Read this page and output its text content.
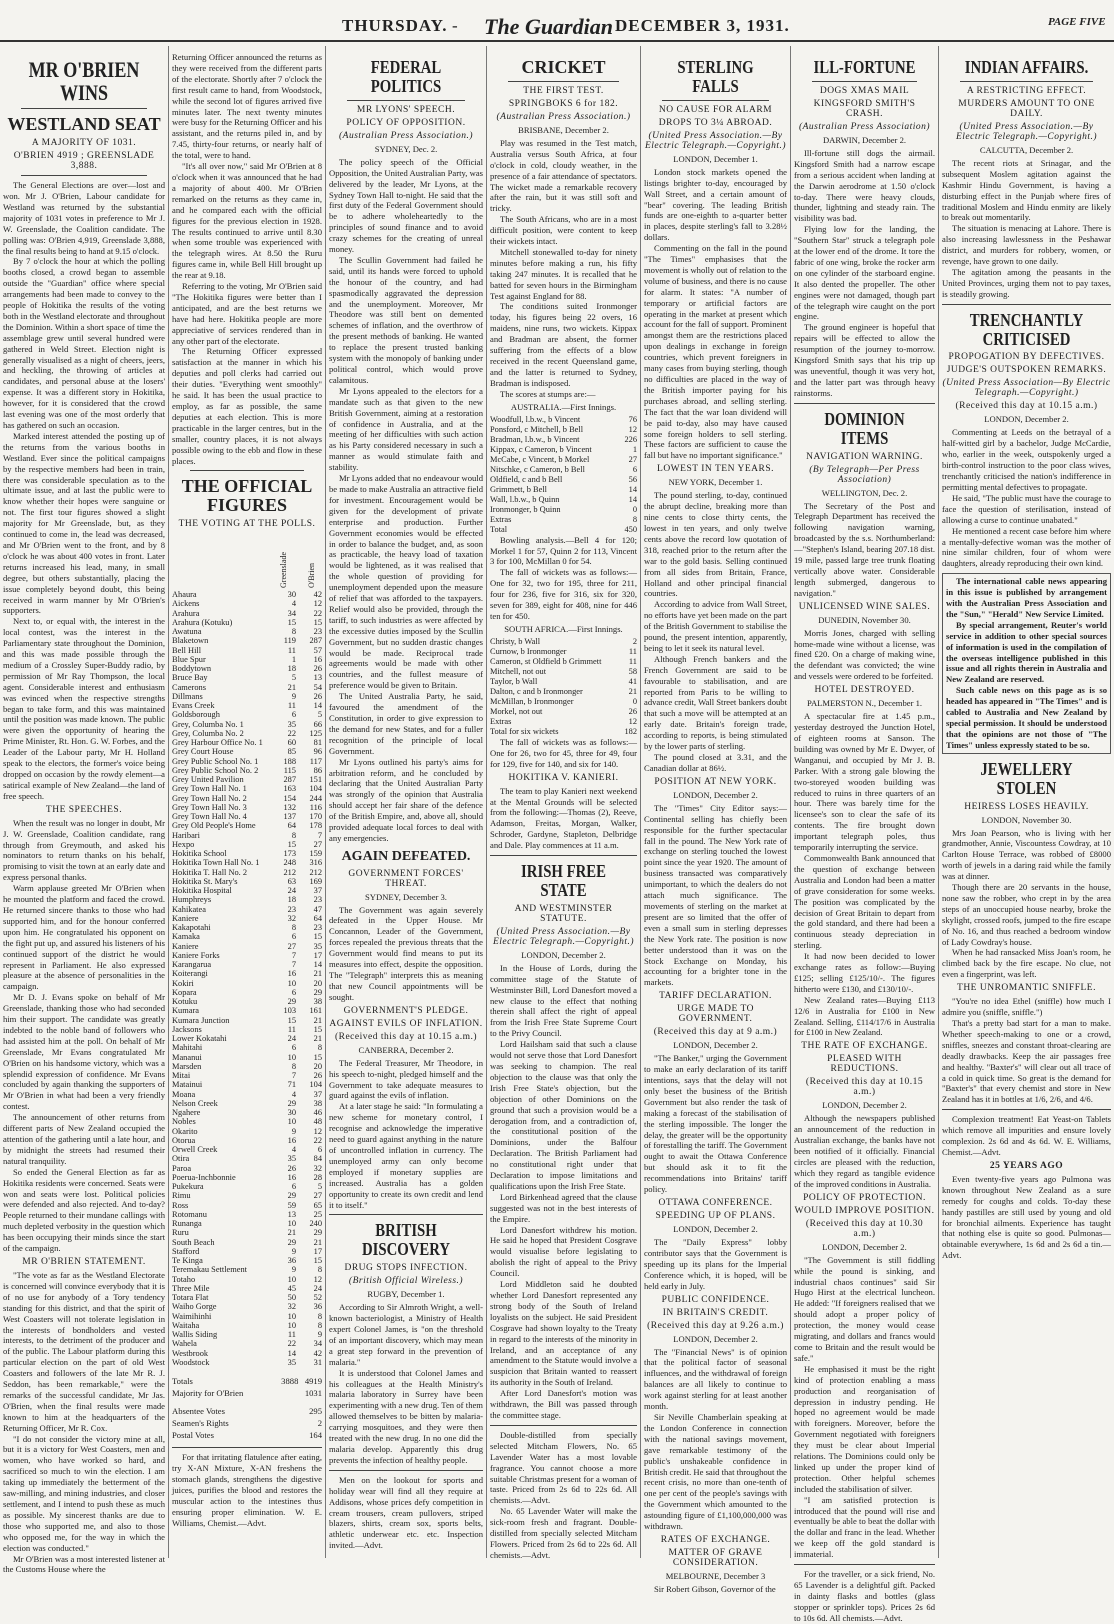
THURSDAY. - The Guardian DECEMBER 3, 1931.	PAGE FIVE
MR O'BRIEN WINS
WESTLAND SEAT
A MAJORITY OF 1031.
O'BRIEN 4919 ; GREENSLADE 3,888.

The General Elections are over—lost and won. Mr J. O'Brien, Labour candidate for Westland was returned by the substantial majority of 1031 votes in preference to Mr J. W. Greenslade, the Coalition candidate. The polling was: O'Brien 4,919, Greenslade 3,888, the final results being to hand at 9.15 o'clock.

By 7 o'clock the hour at which the polling booths closed, a crowd began to assemble outside the "Guardian" office where special arrangements had been made to convey to the people of Hokitika the results of the voting both in the Westland electorate and throughout the Dominion. Within a short space of time the assemblage grew until several hundred were gathered in Weld Street. Election night is generally visualised as a night of cheers, jeers, and heckling, the throwing of articles at candidates, and personal abuse at the losers' expense. It was a different story in Hokitika, however, for it is considered that the crowd last evening was one of the most orderly that has gathered on such an occasion.

Marked interest attended the posting up of the returns from the various booths in Westland. Ever since the political campaigns by the respective members had been in train, there was considerable speculation as to the ultimate issue, and at last the public were to know whether their hopes were sanguine or not. The first tour figures showed a slight majority for Mr Greenslade, but, as they continued to come in, the lead was decreased, and Mr O'Brien went to the front, and by 8 o'clock he was about 400 votes in front. Later returns increased his lead, many, in small degree, but others substantially, placing the issue completely beyond doubt, this being received in warm manner by Mr O'Brien's supporters.

Next to, or equal with, the interest in the local contest, was the interest in the Parliamentary state throughout the Dominion, and this was made possible through the medium of a Crossley Super-Buddy radio, by permission of Mr Ray Thompson, the local agent. Considerable interest and enthusiasm was evinced when the respective strengths began to take form, and this was maintained until the position was made known. The public were given the opportunity of hearing the Prime Minister, Rt. Hon. G. W. Forbes, and the Leader of the Labour party, Mr H. Holland speak to the electors, the former's voice being dropped on occasion by the rowdy element—a satirical example of New Zealand—the land of free speech.

THE SPEECHES.

When the result was no longer in doubt, Mr J. W. Greenslade, Coalition candidate, rang through from Greymouth, and asked his nominators to return thanks on his behalf, promising to visit the town at an early date and express personal thanks.

Warm applause greeted Mr O'Brien when he mounted the platform and faced the crowd. He returned sincere thanks to those who had supported him, and for the honour conferred upon him. He congratulated his opponent on the fight put up, and assured his listeners of his continued support of the district he would represent in Parliament. He also expressed pleasure at the absence of personalities in the campaign.

Mr D. J. Evans spoke on behalf of Mr Greenslade, thanking those who had seconded him their support. The candidate was greatly indebted to the noble band of followers who had assisted him at the poll. On behalf of Mr Greenslade, Mr Evans congratulated Mr O'Brien on his handsome victory, which was a splendid expression of confidence. Mr Evans concluded by again thanking the supporters of Mr O'Brien in what had been a very friendly contest.

The announcement of other returns from different parts of New Zealand occupied the attention of the gathering until a late hour, and by midnight the streets had resumed their natural tranquility.

So ended the General Election as far as Hokitika residents were concerned. Seats were won and seats were lost. Political policies were defended and also rejected. And to-day? People returned to their mundane callings with much depleted verbosity in the question which has been occupying their minds since the start of the campaign.

MR O'BRIEN STATEMENT.

"The vote as far as the Westland Electorate is concerned will convince everybody that it is of no use for anybody of a Tory tendency standing for this district, and that the spirit of West Coasters will not tolerate legislation in the interests of bondholders and vested interests, to the detriment of the producer and of the public. The Labour platform during this particular election on the part of old West Coasters and followers of the late Mr R. J. Seddon, has been remarkable," were the remarks of the successful candidate, Mr Jas. O'Brien, when the final results were made known to him at the headquarters of the Returning Officer, Mr R. Cox.

"I do not consider the victory mine at all, but it is a victory for West Coasters, men and women, who have worked so hard, and sacrificed so much to win the election. I am taking up immediately the betterment of the saw-milling, and mining industries, and closer settlement, and I intend to push these as much as possible. My sincerest thanks are due to those who supported me, and also to those who opposed me, for the way in which the election was conducted."

Mr O'Brien was a most interested listener at the Customs House where the

Returning Officer announced the returns as they were received from the different parts of the electorate. Shortly after 7 o'clock the first result came to hand, from Woodstock, while the second lot of figures arrived five minutes later. The next twenty minutes were busy for the Returning Officer and his assistant, and the returns piled in, and by 7.45, thirty-four returns, or nearly half of the total, were to hand.

"It's all over now," said Mr O'Brien at 8 o'clock when it was announced that he had a majority of about 400. Mr O'Brien remarked on the returns as they came in, and he compared each with the official figures for the previous election in 1928. The results continued to arrive until 8.30 when some trouble was experienced with the telegraph wires. At 8.50 the Ruru figures came in, while Bell Hill brought up the rear at 9.18.

Referring to the voting, Mr O'Brien said "The Hokitika figures were better than I anticipated, and are the best returns we have had here. Hokitika people are more appreciative of services rendered than in any other part of the electorate.

The Returning Officer expressed satisfaction at the manner in which his deputies and poll clerks had carried out their duties. "Everything went smoothly" he said. It has been the usual practice to employ, as far as possible, the same deputies at each election. This is more practicable in the larger centres, but in the smaller, country places, it is not always possible owing to the ebb and flow in these places.

THE OFFICIAL FIGURES
THE VOTING AT THE POLLS.
Greenslade O'Brien
Ahaura	30	42
Aickens	4	12
Arahura	34	22
Arahura (Kotuku)	15	15
Awatuna	8	23
Blaketown	119	287
Bell Hill	11	57
Blue Spur	1	16
Boddytown	18	26
Bruce Bay	5	13
Camerons	21	54
Dillmans	9	26
Evans Creek	11	14
Goldsborough	6	5
Grey, Columba No. 1	35	66
Grey, Columba No. 2	22	125
Grey Harbour Office No. 1	60	81
Grey Court House	85	96
Grey Public School No. 1	188	117
Grey Public School No. 2	115	86
Grey United Pavilion	287	151
Grey Town Hall No. 1	163	104
Grey Town Hall No. 2	154	244
Grey Town Hall No. 3	132	116
Grey Town Hall No. 4	137	170
Grey Old People's Home	64	178
Haribari	8	7
Hexpo	15	27
Hokitika School	173	159
Hokitika Town Hall No. 1	248	316
Hokitika T. Hall No. 2	212	212
Hokitika St. Mary's	63	169
Hokitika Hospital	24	37
Humphreys	18	23
Kahikatea	23	47
Kaniere	32	64
Kakapotahi	8	23
Kamaka	6	15
Kaniere	27	35
Kaniere Forks	7	17
Karangarua	7	14
Koiterangi	16	21
Kokiri	10	20
Kopara	6	29
Kotuku	29	38
Kumara	103	161
Kumara Junction	15	21
Jacksons	11	15
Lower Kokatahi	24	21
Mahitahi	6	8
Mananui	10	15
Marsden	8	20
Mitai	7	26
Matainui	71	104
Moana	4	37
Nelson Creek	29	38
Ngahere	30	46
Nobles	10	48
Okarito	9	12
Otorua	16	22
Orwell Creek	4	6
Otira	35	84
Paroa	26	32
Poerua-Inchbonnie	16	28
Pukekura	6	5
Rimu	29	27
Ross	59	65
Rotomanu	13	25
Runanga	10	240
Ruru	21	29
South Beach	29	21
Stafford	9	17
Te Kinga	36	15
Teremakau Settlement	9	8
Totaho	10	12
Three Mile	45	24
Totara Flat	50	52
Waiho Gorge	32	36
Waimihinhi	10	8
Waitaha	10	8
Wallis Siding	11	9
Wahela	22	34
Westbrook	14	42
Woodstock	35	31
Totals	3888 4919
Majority for O'Brien	1031
Absentee Votes	295
Seamen's Rights	2
Postal Votes	164

For that irritating flatulence after eating, try X-AN Mixture, X-AN freshens the stomach glands, strengthens the digestive juices, purifies the blood and restores the muscular action to the intestines thus ensuring proper elimination. W. E. Williams, Chemist.—Advt.

FEDERAL POLITICS
MR LYONS' SPEECH.
POLICY OF OPPOSITION.
(Australian Press Association.)
SYDNEY, Dec. 2.

The policy speech of the Official Opposition, the United Australian Party, was delivered by the leader, Mr Lyons, at the Sydney Town Hall to-night. He said that the first duty of the Federal Government should be to adhere wholeheartedly to the principles of sound finance and to avoid crazy schemes for the creating of unreal money.

The Scullin Government had failed he said, until its hands were forced to uphold the honour of the country, and had spasmodically aggravated the depression and the unemployment. Moreover, Mr Theodore was still bent on demented schemes of inflation, and the overthrow of the present methods of banking. He wanted to replace the present trusted banking system with the monopoly of banking under political control, which would prove calamitous.

Mr Lyons appealed to the electors for a mandate such as that given to the new British Government, aiming at a restoration of confidence in Australia, and at the meeting of her difficulties with such action as his Party considered necessary in such a manner as would stimulate faith and stability.

Mr Lyons added that no endeavour would be made to make Australia an attractive field for investment. Encouragement would be given for the development of private enterprise and production. Further Government economies would be effected in order to balance the budget, and, as soon as practicable, the heavy load of taxation would be lightened, as it was realised that the whole question of providing for unemployment depended upon the measure of relief that was afforded to the taxpayers. Relief would also be provided, through the tariff, to such industries as were affected by the excessive duties imposed by the Scullin Government, but no sudden drastic changes would be made. Reciprocal trade agreements would be made with other countries, and the fullest measure of preference would be given to Britain.

The United Australia Party, he said, favoured the amendment of the Constitution, in order to give expression to the demand for new States, and for a fuller recognition of the principle of local Government.

Mr Lyons outlined his party's aims for arbitration reform, and he concluded by declaring that the United Australian Party was strongly of the opinion that Australia should accept her fair share of the defence of the British Empire, and, above all, should provided adequate local forces to deal with any emergencies.

AGAIN DEFEATED.
GOVERNMENT FORCES' THREAT.
SYDNEY, December 3.

The Government was again severely defeated in the Upper House. Mr Concannon, Leader of the Government, forces repealed the previous threats that the Government would find means to put its measures into effect, despite the opposition. The "Telegraph" interprets this as meaning that new Council appointments will be sought.

GOVERNMENT'S PLEDGE.
AGAINST EVILS OF INFLATION.
(Received this day at 10.15 a.m.)
CANBERRA, December 2.

The Federal Treasurer, Mr Theodore, in his speech to-night, pledged himself and the Government to take adequate measures to guard against the evils of inflation.

At a later stage he said: "In formulating a new scheme for monetary control, I recognise and acknowledge the imperative need to guard against anything in the nature of uncontrolled inflation in currency. The unemployed army can only become employed if monetary supplies are increased. Australia has a golden opportunity to create its own credit and lend it to itself."

BRITISH DISCOVERY
DRUG STOPS INFECTION.
(British Official Wireless.)
RUGBY, December 1.

According to Sir Almroth Wright, a well-known bacteriologist, a Ministry of Health expert Colonel James, is "on the threshold of an important discovery, which may mean a great step forward in the prevention of malaria."

It is understood that Colonel James and his colleagues at the Health Ministry's malaria laboratory in Surrey have been experimenting with a new drug. Ten of them allowed themselves to be bitten by malaria-carrying mosquitoes, and they were then treated with the new drug. In no one did the malaria develop. Apparently this drug prevents the infection of healthy people.

Men on the lookout for sports and holiday wear will find all they require at Addisons, whose prices defy competition in cream trousers, cream pullovers, striped blazers, shirts, cream sox, sports belts, athletic underwear etc. etc. Inspection invited.—Advt.

CRICKET
THE FIRST TEST.
SPRINGBOKS 6 for 182.
(Australian Press Association.)
BRISBANE, December 2.

Play was resumed in the Test match, Australia versus South Africa, at four o'clock in cold, cloudy weather, in the presence of a fair attendance of spectators. The wicket made a remarkable recovery after the rain, but it was still soft and tricky.

The South Africans, who are in a most difficult position, were content to keep their wickets intact.

Mitchell stonewalled to-day for ninety minutes before making a run, his fifty taking 247 minutes. It is recalled that he batted for seven hours in the Birmingham Test against England for 88.

The conditions suited Ironmonger today, his figures being 22 overs, 16 maidens, nine runs, two wickets. Kippax and Bradman are absent, the former suffering from the effects of a blow received in the recent Queensland game, and the latter is returned to Sydney, Bradman is indisposed.

The scores at stumps are:—

AUSTRALIA.—First Innings.
Woodfull, l.b.w., b Vincent	76
Ponsford, c Mitchell, b Bell	12
Bradman, l.b.w., b Vincent	226
Kippax, c Cameron, b Vincent	1
McCabe, c Vincent, b Morkel	27
Nitschke, c Cameron, b Bell	6
Oldfield, c and b Bell	56
Grimmett, b Bell	14
Wall, l.b.w., b Quinn	14
Ironmonger, b Quinn	0
Extras	8
Total	450

Bowling analysis.—Bell 4 for 120; Morkel 1 for 57, Quinn 2 for 113, Vincent 3 for 100, McMillan 0 for 54.

The fall of wickets was as follows:—One for 32, two for 195, three for 211, four for 236, five for 316, six for 320, seven for 389, eight for 408, nine for 446 ten for 450.

SOUTH AFRICA.—First Innings.
Christy, b Wall	2
Curnow, b Ironmonger	11
Cameron, st Oldfield b Grimmett	11
Mitchell, not out	58
Taylor, b Wall	41
Dalton, c and b Ironmonger	21
McMillan, b Ironmonger	0
Morkel, not out	26
Extras	12
Total for six wickets	182

The fall of wickets was as follows:—One for 26, two for 45, three for 49, four for 129, five for 140, and six for 140.

HOKITIKA V. KANIERI.

The team to play Kanieri next weekend at the Mental Grounds will be selected from the following:—Thomas (2), Reeve, Adamson, Freitas, Morgan, Walker, Schroder, Gardyne, Stapleton, Delbridge and Dale. Play commences at 11 a.m.

IRISH FREE STATE
AND WESTMINSTER STATUTE.
(United Press Association.—By Electric Telegraph.—Copyright.)
LONDON, December 2.

In the House of Lords, during the committee stage of the Statute of Westminster Bill, Lord Danesfort moved a new clause to the effect that nothing therein shall affect the right of appeal from the Irish Free State Supreme Court to the Privy Council.

Lord Hailsham said that such a clause would not serve those that Lord Danesfort was seeking to champion. The real objection to the clause was that only the Irish Free State's objection, but the objection of other Dominions on the ground that such a provision would be a derogation from, and a contradiction of, the constitutional position of the Dominions, under the Balfour Declaration. The British Parliament had no constitutional right under that Declaration to impose limitations and qualifications upon the Irish Free State.

Lord Birkenhead agreed that the clause suggested was not in the best interests of the Empire.

Lord Danesfort withdrew his motion. He said he hoped that President Cosgrave would visualise before legislating to abolish the right of appeal to the Privy Council.

Lord Middleton said he doubted whether Lord Danesfort represented any strong body of the South of Ireland loyalists on the subject. He said President Cosgrave had shown loyalty to the Treaty in regard to the interests of the minority in Ireland, and an acceptance of any amendment to the Statute would involve a suspicion that Britain wanted to reassert its authority in the South of Ireland.

After Lord Danesfort's motion was withdrawn, the Bill was passed through the committee stage.

Double-distilled from specially selected Mitcham Flowers, No. 65 Lavender Water has a most lovable fragrance. You cannot choose a more suitable Christmas present for a woman of taste. Priced from 2s 6d to 22s 6d. All chemists.—Advt.

No. 65 Lavender Water will make the sick-room fresh and fragrant. Double-distilled from specially selected Mitcham Flowers. Priced from 2s 6d to 22s 6d. All chemists.—Advt.

STERLING FALLS
NO CAUSE FOR ALARM
DROPS TO 3¼ ABROAD.
(United Press Association.—By Electric Telegraph.—Copyright.)
LONDON, December 1.

London stock markets opened the listings brighter to-day, encouraged by Wall Street, and a certain amount of "bear" covering. The leading British funds are one-eighth to a-quarter better in places, despite sterling's fall to 3.28½ dollars.

Commenting on the fall in the pound "The Times" emphasises that the movement is wholly out of relation to the volume of business, and there is no cause for alarm. It states: "A number of temporary or artificial factors are operating in the market at present which account for the fall of support. Prominent amongst them are the restrictions placed upon dealings in exchange in foreign countries, which prevent foreigners in many cases from buying sterling, though no difficulties are placed in the way of the British importer paying for his purchases abroad, and selling sterling. The fact that the war loan dividend will be paid to-day, also may have caused some foreign holders to sell sterling. These factors are sufficient to cause the fall but have no important significance."

LOWEST IN TEN YEARS.
NEW YORK, December 1.

The pound sterling, to-day, continued the abrupt decline, breaking more than nine cents to close thirty cents, the lowest in ten years, and only twelve cents above the record low quotation of 318, reached prior to the return after the war to the gold basis. Selling continued from all sides from Britain, France, Holland and other principal financial countries.

According to advice from Wall Street, no efforts have yet been made on the part of the British Government to stabilise the pound, the present intention, apparently, being to let it seek its natural level.

Although French bankers and the French Government are said to be favourable to stabilisation, and are reported from Paris to be willing to advance credit, Wall Street bankers doubt that such a move will be attempted at an early date. Britain's foreign trade, according to reports, is being stimulated by the lower parts of sterling.

The pound closed at 3.31, and the Canadian dollar at 86½.

POSITION AT NEW YORK.
LONDON, December 2.

The "Times" City Editor says:—Continental selling has chiefly been responsible for the further spectacular fall in the pound. The New York rate of exchange on sterling touched the lowest point since the year 1920. The amount of business transacted was comparatively unimportant, to which the dealers do not attach much significance. The movements of sterling on the market at present are so limited that the offer of even a small sum in sterling depresses the New York rate. The position is now better understood than it was on the Stock Exchange on Monday, his accounting for a brighter tone in the markets.

TARIFF DECLARATION.
URGE MADE TO GOVERNMENT.
(Received this day at 9 a.m.)
LONDON, December 2.

"The Banker," urging the Government to make an early declaration of its tariff intentions, says that the delay will not only beset the business of the British Government but also render the task of making a forecast of the stabilisation of the sterling impossible. The longer the delay, the greater will be the opportunity of forestalling the tariff. The Government ought to await the Ottawa Conference but should ask it to fit the recommendations into Britains' tariff policy.

OTTAWA CONFERENCE.
SPEEDING UP OF PLANS.
LONDON, December 2.

The "Daily Express" lobby contributor says that the Government is speeding up its plans for the Imperial Conference which, it is hoped, will be held early in July.

PUBLIC CONFIDENCE.
IN BRITAIN'S CREDIT.
(Received this day at 9.26 a.m.)
LONDON, December 2.

The "Financial News" is of opinion that the political factor of seasonal influences, and the withdrawal of foreign balances are all likely to continue to work against sterling for at least another month.

Sir Neville Chamberlain speaking at the London Conference in connection with the national savings movement, gave remarkable testimony of the public's unshakeable confidence in British credit. He said that throughout the recent crisis, no more than one-tenth of one per cent of the people's savings with the Government which amounted to the astounding figure of £1,100,000,000 was withdrawn.

RATES OF EXCHANGE.
MATTER OF GRAVE CONSIDERATION.
MELBOURNE, December 3

Sir Robert Gibson, Governor of the

ILL-FORTUNE
DOGS XMAS MAIL
KINGSFORD SMITH'S CRASH.
(Australian Press Association)
DARWIN, December 2.

Ill-fortune still dogs the airmail. Kingsford Smith had a narrow escape from a serious accident when landing at the Darwin aerodrome at 1.50 o'clock to-day. There were heavy clouds, thunder, lightning and steady rain. The visibility was bad.

Flying low for the landing, the "Southern Star" struck a telegraph pole at the lower end of the drome. It tore the fabric of one wing, broke the rocker arm on one cylinder of the starboard engine. It also dented the propeller. The other engines were not damaged, though part of the telegraph wire caught on the port engine.

The ground engineer is hopeful that repairs will be effected to allow the resumption of the journey to-morrow. Kingsford Smith says that his trip up was uneventful, though it was very hot, and the latter part was through heavy rainstorms.

DOMINION ITEMS
NAVIGATION WARNING.
(By Telegraph—Per Press Association)
WELLINGTON, Dec. 2.

The Secretary of the Post and Telegraph Department has received the following navigation warning, broadcasted by the s.s. Northumberland:—"Stephen's Island, bearing 207.18 dist. 19 mile, passed large tree trunk floating vertically above water. Considerable length submerged, dangerous to navigation."

UNLICENSED WINE SALES.
DUNEDIN, November 30.

Morris Jones, charged with selling home-made wine without a license, was fined £20. On a charge of making wine, the defendant was convicted; the wine and vessels were ordered to be forfeited.

HOTEL DESTROYED.
PALMERSTON N., December 1.

A spectacular fire at 1.45 p.m., yesterday destroyed the Junction Hotel, of eighteen rooms at Sanson. The building was owned by Mr E. Dwyer, of Wanganui, and occupied by Mr J. B. Parker. With a strong gale blowing the two-storeyed wooden building was reduced to ruins in three quarters of an hour. There was barely time for the licensee's son to clear the safe of its contents. The fire brought down important telegraph poles, thus temporarily interrupting the service.

Commonwealth Bank announced that the question of exchange between Australia and London had been a matter of grave consideration for some weeks. The position was complicated by the decision of Great Britain to depart from the gold standard, and there had been a continuous steady depreciation in sterling.

It had now been decided to lower exchange rates as follow:—Buying £125; selling £125/10/-. The figures hitherto were £130, and £130/10/-.

New Zealand rates—Buying £113 12/6 in Australia for £100 in New Zealand. Selling, £114/17/6 in Australia for £100 in New Zealand.

THE RATE OF EXCHANGE.
PLEASED WITH REDUCTIONS.
(Received this day at 10.15 a.m.)
LONDON, December 2.

Although the newspapers published an announcement of the reduction in Australian exchange, the banks have not been notified of it officially. Financial circles are pleased with the reduction, which they regard as tangible evidence of the improved conditions in Australia.

POLICY OF PROTECTION.
WOULD IMPROVE POSITION.
(Received this day at 10.30 a.m.)
LONDON, December 2.

"The Government is still fiddling while the pound is sinking, and industrial chaos continues" said Sir Hugo Hirst at the electrical luncheon. He added: "If foreigners realised that we should adopt a proper policy of protection, the money would cease migrating, and dollars and francs would come to Britain and the result would be safe."

He emphasised it must be the right kind of protection enabling a mass production and reorganisation of depression in industry pending. He hoped no agreement would be made with foreigners. Moreover, before the Government negotiated with foreigners they must be clear about Imperial relations. The Dominions could only be linked up under the proper kind of protection. Other helpful schemes included the stabilisation of silver.

"I am satisfied protection is introduced that the pound will rise and eventually be able to beat the dollar with the dollar and franc in the lead. Whether we keep off the gold standard is immaterial.

For the traveller, or a sick friend, No. 65 Lavender is a delightful gift. Packed in dainty flasks and bottles (glass stopper or sprinkler tops). Prices 2s 6d to 10s 6d. All chemists.—Advt.

INDIAN AFFAIRS.
A RESTRICTING EFFECT.
MURDERS AMOUNT TO ONE DAILY.
(United Press Association.—By Electric Telegraph.—Copyright.)
CALCUTTA, December 2.

The recent riots at Srinagar, and the subsequent Moslem agitation against the Kashmir Hindu Government, is having a disturbing effect in the Punjab where fires of traditional Moslem and Hindu enmity are likely to break out momentarily.

The situation is menacing at Lahore. There is also increasing lawlessness in the Peshawar district, and murders for robbery, women, or revenge, have grown to one daily.

The agitation among the peasants in the United Provinces, urging them not to pay taxes, is steadily growing.

TRENCHANTLY CRITICISED
PROPOGATION BY DEFECTIVES.
JUDGE'S OUTSPOKEN REMARKS.
(United Press Association—By Electric Telegraph.—Copyright.)
(Received this day at 10.15 a.m.)
LONDON, December 2.

Commenting at Leeds on the betrayal of a half-witted girl by a bachelor, Judge McCardie, who, earlier in the week, outspokenly urged a birth-control instruction to the poor class wives, trenchantly criticised the nation's indifference in permitting mental defectives to propagate.

He said, "The public must have the courage to face the question of sterilisation, instead of allowing a curse to continue unabated."

He mentioned a recent case before him where a mentally-defective woman was the mother of nine similar children, four of whom were daughters, already reproducing their own kind.

The international cable news appearing in this issue is published by arrangement with the Australian Press Association and the "Sun," "Herald" New Service Limited.

By special arrangement, Reuter's world service in addition to other special sources of information is used in the compilation of the overseas intelligence published in this issue and all rights therein in Australia and New Zealand are reserved.

Such cable news on this page as is so headed has appeared in "The Times" and is cabled to Australia and New Zealand by special permission. It should be understood that the opinions are not those of "The Times" unless expressly stated to be so.

JEWELLERY STOLEN
HEIRESS LOSES HEAVILY.
LONDON, November 30.

Mrs Joan Pearson, who is living with her grandmother, Annie, Viscountess Cowdray, at 10 Carlton House Terrace, was robbed of £8000 worth of jewels in a daring raid while the family was at dinner.

Though there are 20 servants in the house, none saw the robber, who crept in by the area steps of an unoccupied house nearby, broke the skylight, crossed roofs, jumped to the fire escape of No. 16, and thus reached a bedroom window of Lady Cowdray's house.

When he had ransacked Miss Joan's room, he climbed back by the fire escape. No clue, not even a fingerprint, was left.

THE UNROMANTIC SNIFFLE.

"You're no idea Ethel (sniffle) how much I admire you (sniffle, sniffle.")

That's a pretty bad start for a man to make. Whether speech-making to one or a crowd, sniffles, sneezes and constant throat-clearing are deadly drawbacks. Keep the air passages free and healthy. "Baxter's" will clear out all trace of a cold in quick time. So great is the demand for "Baxter's" that every chemist and store in New Zealand has it in bottles at 1/6, 2/6, and 4/6.

Complexion treatment! Eat Yeast-on Tablets which remove all impurities and ensure lovely complexion. 2s 6d and 4s 6d. W. E. Williams, Chemist.—Advt.

25 YEARS AGO

Even twenty-five years ago Pulmona was known throughout New Zealand as a sure remedy for coughs and colds. To-day these handy pastilles are still used by young and old for bronchial ailments. Experience has taught that nothing else is quite so good. Pulmonas—obtainable everywhere, 1s 6d and 2s 6d a tin.—Advt.
